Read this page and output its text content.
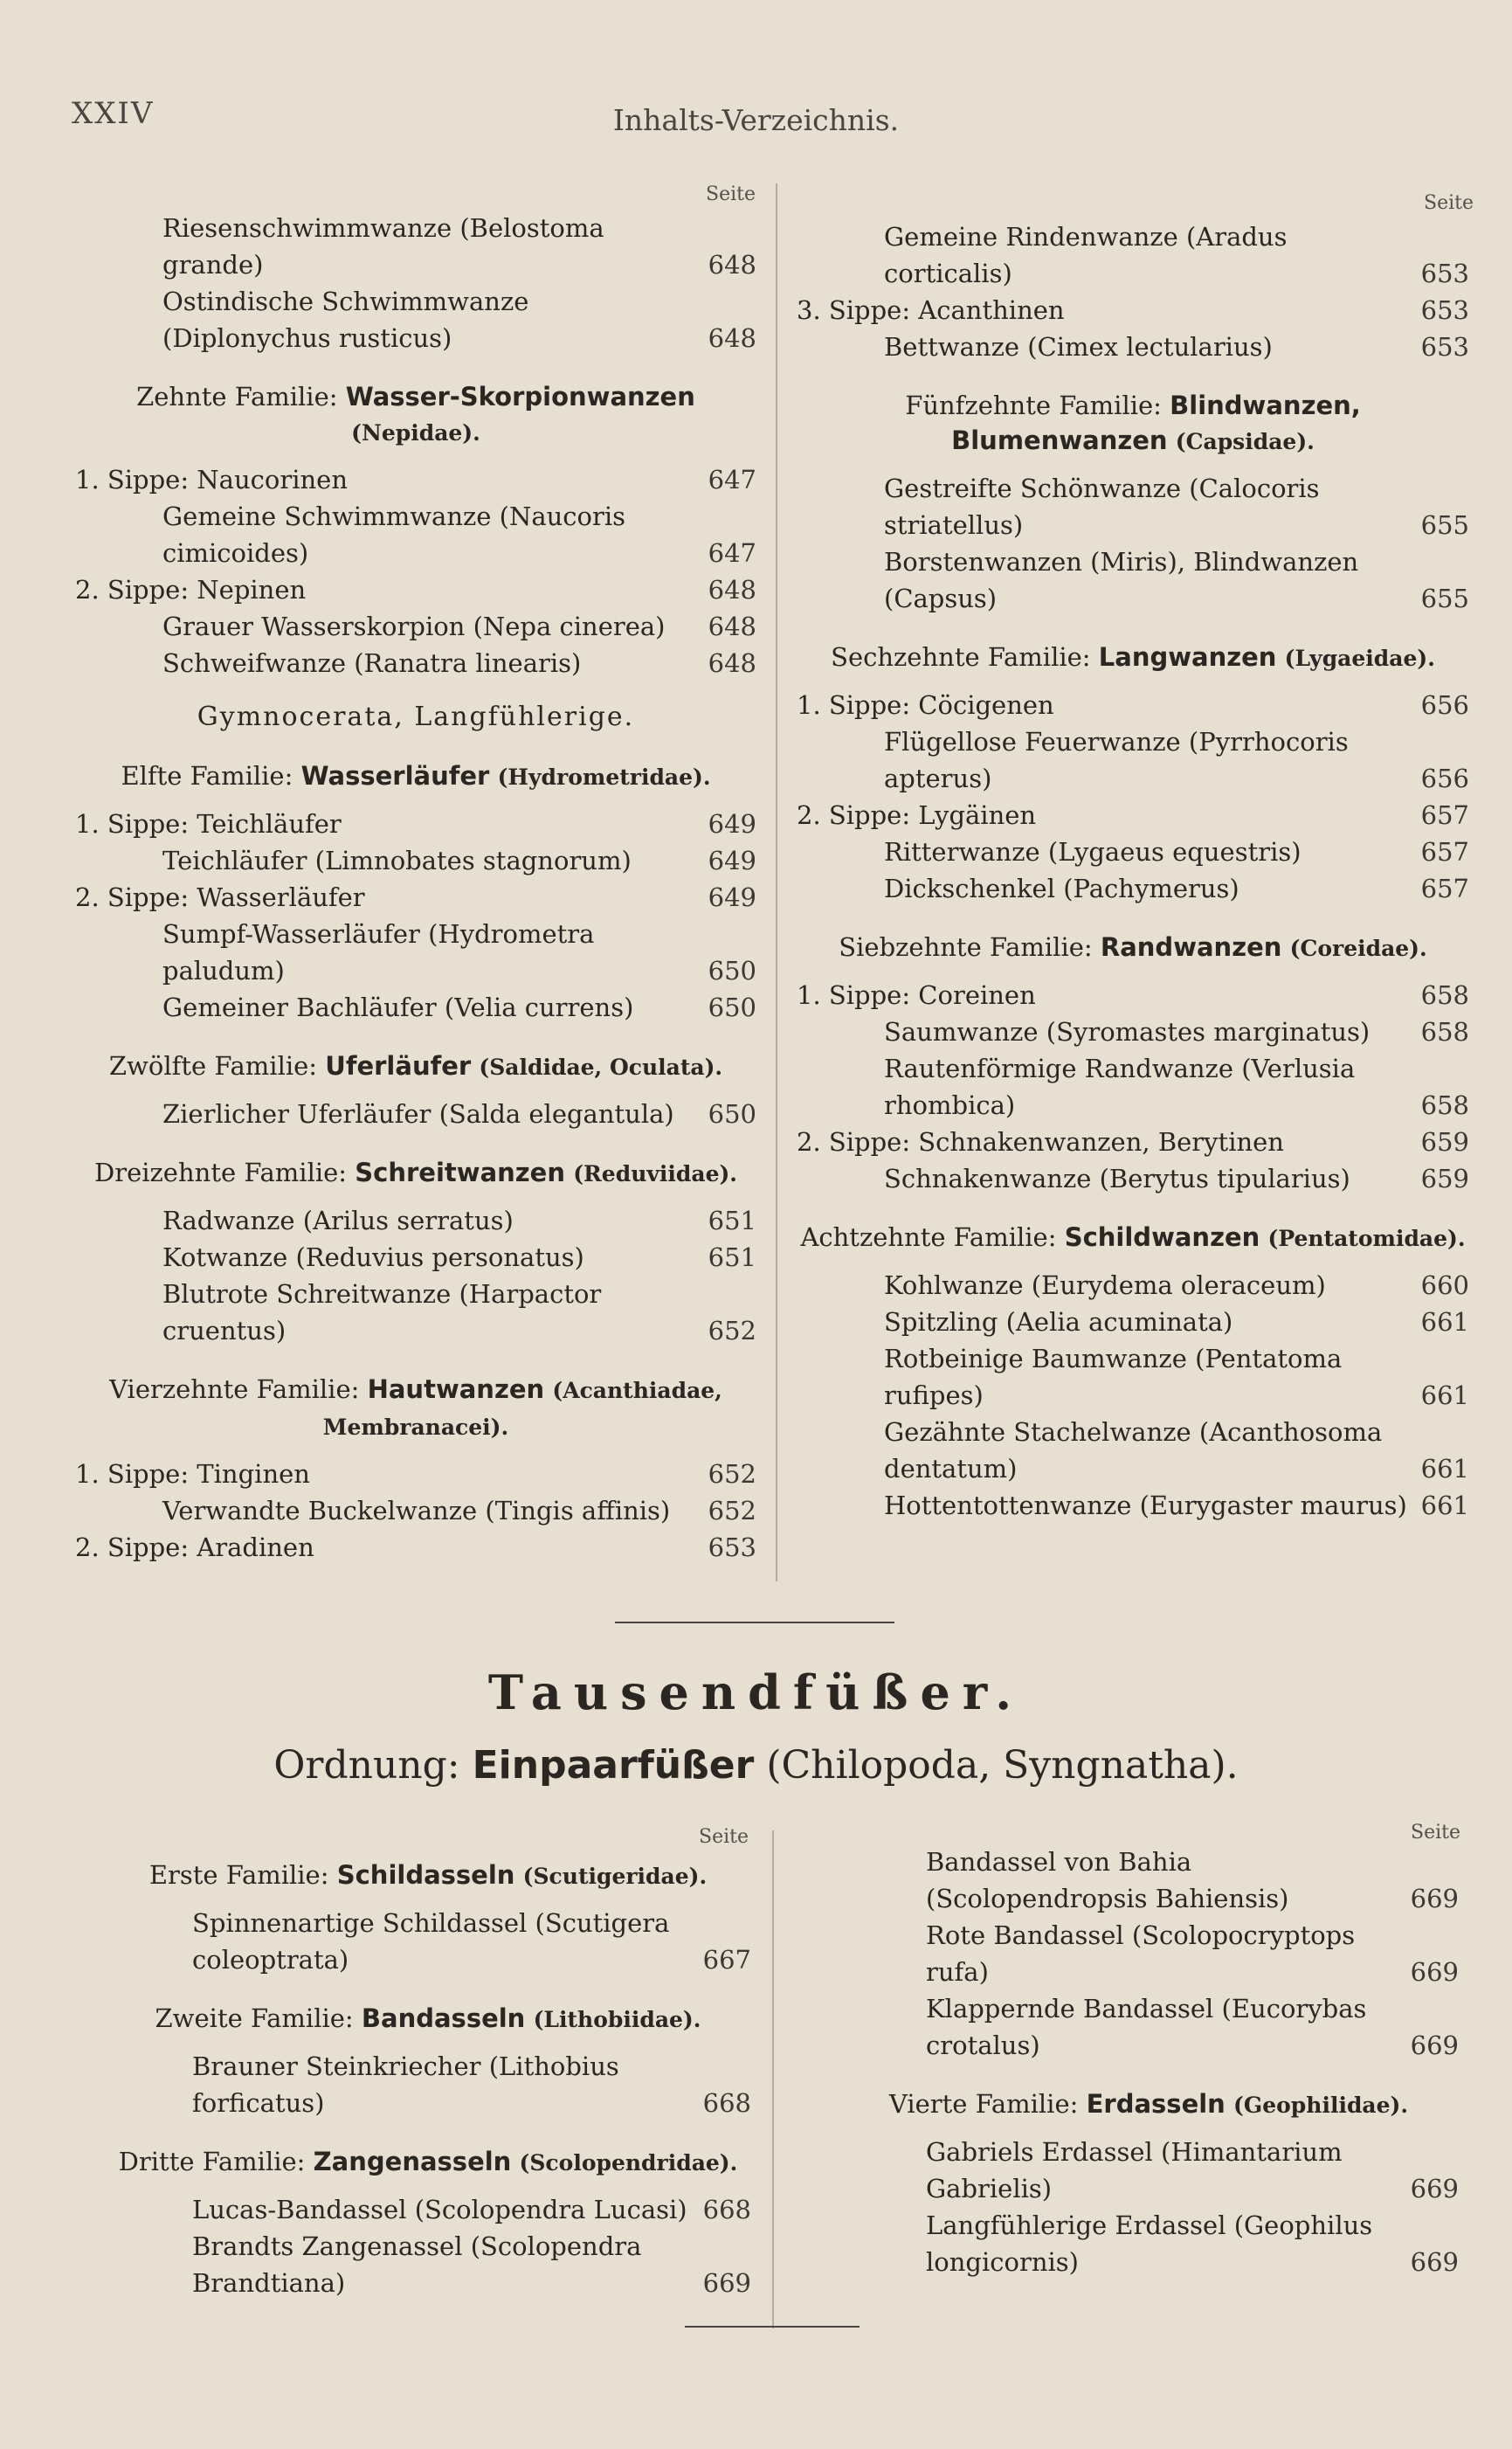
XXIV	Inhalts-Verzeichnis.
Seite	Seite
Riesenschwimmwanze (Belostoma grande)	648
Ostindische Schwimmwanze (Diplonychus rusticus)	648
Zehnte Familie: Wasser-Skorpionwanzen (Nepidae).
1. Sippe: Naucorinen	647
Gemeine Schwimmwanze (Naucoris cimicoides)	647
2. Sippe: Nepinen	648
Grauer Wasserskorpion (Nepa cinerea)	648
Schweifwanze (Ranatra linearis)	648
Gymnocerata, Langfühlerige.
Elfte Familie: Wasserläufer (Hydrometridae).
1. Sippe: Teichläufer	649
Teichläufer (Limnobates stagnorum)	649
2. Sippe: Wasserläufer	649
Sumpf-Wasserläufer (Hydrometra paludum)	650
Gemeiner Bachläufer (Velia currens)	650
Zwölfte Familie: Uferläufer (Saldidae, Oculata).
Zierlicher Uferläufer (Salda elegantula)	650
Dreizehnte Familie: Schreitwanzen (Reduviidae).
Radwanze (Arilus serratus)	651
Kotwanze (Reduvius personatus)	651
Blutrote Schreitwanze (Harpactor cruentus)	652
Vierzehnte Familie: Hautwanzen (Acanthiadae, Membranacei).
1. Sippe: Tinginen	652
Verwandte Buckelwanze (Tingis affinis)	652
2. Sippe: Aradinen	653
Gemeine Rindenwanze (Aradus corticalis)	653
3. Sippe: Acanthinen	653
Bettwanze (Cimex lectularius)	653
Fünfzehnte Familie: Blindwanzen, Blumenwanzen (Capsidae).
Gestreifte Schönwanze (Calocoris striatellus)	655
Borstenwanzen (Miris), Blindwanzen (Capsus)	655
Sechzehnte Familie: Langwanzen (Lygaeidae).
1. Sippe: Cöcigenen	656
Flügellose Feuerwanze (Pyrrhocoris apterus)	656
2. Sippe: Lygäinen	657
Ritterwanze (Lygaeus equestris)	657
Dickschenkel (Pachymerus)	657
Siebzehnte Familie: Randwanzen (Coreidae).
1. Sippe: Coreinen	658
Saumwanze (Syromastes marginatus)	658
Rautenförmige Randwanze (Verlusia rhombica)	658
2. Sippe: Schnakenwanzen, Berytinen	659
Schnakenwanze (Berytus tipularius)	659
Achtzehnte Familie: Schildwanzen (Pentatomidae).
Kohlwanze (Eurydema oleraceum)	660
Spitzling (Aelia acuminata)	661
Rotbeinige Baumwanze (Pentatoma rufipes)	661
Gezähnte Stachelwanze (Acanthosoma dentatum)	661
Hottentottenwanze (Eurygaster maurus) 661
Tausendfüßer.
Ordnung: Einpaarfüßer (Chilopoda, Syngnatha).
Seite	Seite
Erste Familie: Schildasseln (Scutigeridae).
Spinnenartige Schildassel (Scutigera coleoptrata)	667
Zweite Familie: Bandasseln (Lithobiidae).
Brauner Steinkriecher (Lithobius forficatus)	668
Dritte Familie: Zangenasseln (Scolopendridae).
Lucas-Bandassel (Scolopendra Lucasi) 668
Brandts Zangenassel (Scolopendra Brandtiana)	669
Bandassel von Bahia (Scolopendropsis Bahiensis)	669
Rote Bandassel (Scolopocryptops rufa)	669
Klappernde Bandassel (Eucorybas crotalus)	669
Vierte Familie: Erdasseln (Geophilidae).
Gabriels Erdassel (Himantarium Gabrielis)	669
Langfühlerige Erdassel (Geophilus longicornis)	669
